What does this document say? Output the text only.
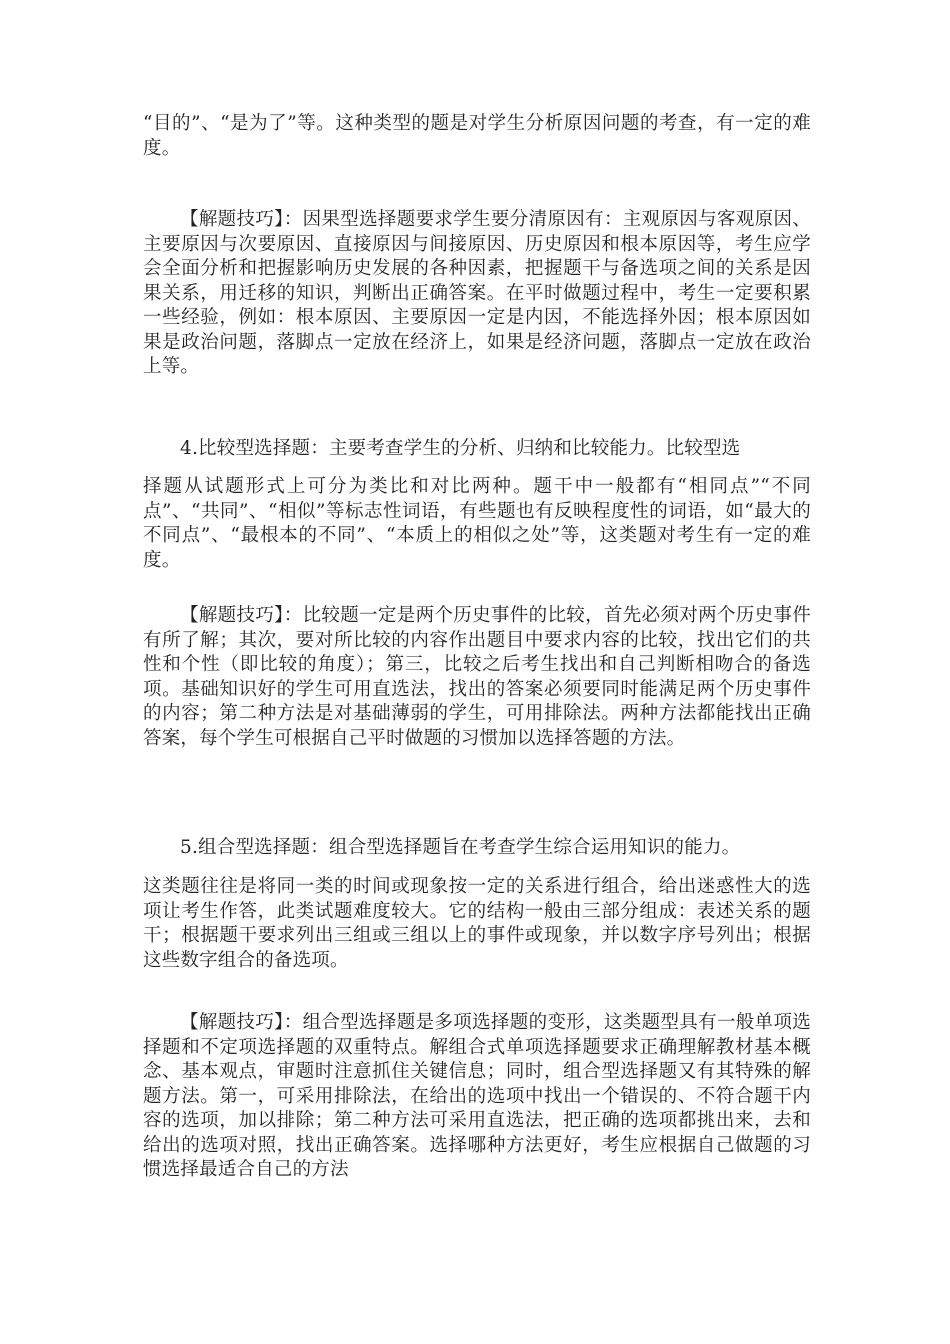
“目的”、“是为了”等。这种类型的题是对学生分析原因问题的考查，有一定的难度。

【解题技巧】：因果型选择题要求学生要分清原因有：主观原因与客观原因、主要原因与次要原因、直接原因与间接原因、历史原因和根本原因等，考生应学会全面分析和把握影响历史发展的各种因素，把握题干与备选项之间的关系是因果关系，用迁移的知识，判断出正确答案。在平时做题过程中，考生一定要积累一些经验，例如：根本原因、主要原因一定是内因，不能选择外因；根本原因如果是政治问题，落脚点一定放在经济上，如果是经济问题，落脚点一定放在政治上等。

4.比较型选择题：主要考查学生的分析、归纳和比较能力。比较型选

择题从试题形式上可分为类比和对比两种。题干中一般都有“相同点”“不同点”、“共同”、“相似”等标志性词语，有些题也有反映程度性的词语，如“最大的不同点”、“最根本的不同”、“本质上的相似之处”等，这类题对考生有一定的难度。

【解题技巧】：比较题一定是两个历史事件的比较，首先必须对两个历史事件有所了解；其次，要对所比较的内容作出题目中要求内容的比较，找出它们的共性和个性（即比较的角度）；第三，比较之后考生找出和自己判断相吻合的备选项。基础知识好的学生可用直选法，找出的答案必须要同时能满足两个历史事件的内容；第二种方法是对基础薄弱的学生，可用排除法。两种方法都能找出正确答案，每个学生可根据自己平时做题的习惯加以选择答题的方法。

5.组合型选择题：组合型选择题旨在考查学生综合运用知识的能力。

这类题往往是将同一类的时间或现象按一定的关系进行组合，给出迷惑性大的选项让考生作答，此类试题难度较大。它的结构一般由三部分组成：表述关系的题干；根据题干要求列出三组或三组以上的事件或现象，并以数字序号列出；根据这些数字组合的备选项。

【解题技巧】：组合型选择题是多项选择题的变形，这类题型具有一般单项选择题和不定项选择题的双重特点。解组合式单项选择题要求正确理解教材基本概念、基本观点，审题时注意抓住关键信息；同时，组合型选择题又有其特殊的解题方法。第一，可采用排除法，在给出的选项中找出一个错误的、不符合题干内容的选项，加以排除；第二种方法可采用直选法，把正确的选项都挑出来，去和给出的选项对照，找出正确答案。选择哪种方法更好，考生应根据自己做题的习惯选择最适合自己的方法
